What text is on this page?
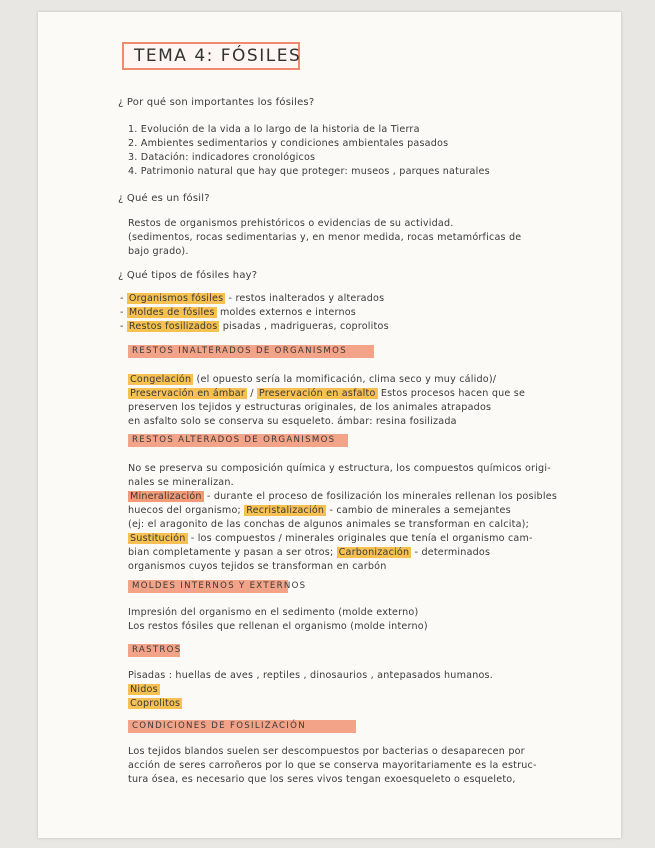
TEMA 4: FÓSILES
¿ Por qué son importantes los fósiles?
1. Evolución de la vida a lo largo de la historia de la Tierra
2. Ambientes sedimentarios y condiciones ambientales pasados
3. Datación: indicadores cronológicos
4. Patrimonio natural que hay que proteger: museos , parques naturales
¿ Qué es un fósil?
Restos de organismos prehistóricos o evidencias de su actividad.
(sedimentos, rocas sedimentarias y, en menor medida, rocas metamórficas de
bajo grado).
¿ Qué tipos de fósiles hay?
- Organismos fósiles - restos inalterados y alterados
- Moldes de fósiles moldes externos e internos
- Restos fosilizados pisadas , madrigueras, coprolitos
RESTOS INALTERADOS DE ORGANISMOS
Congelación (el opuesto sería la momificación, clima seco y muy cálido)/
Preservación en ámbar / Preservación en asfalto Estos procesos hacen que se
preserven los tejidos y estructuras originales, de los animales atrapados
en asfalto solo se conserva su esqueleto. ámbar: resina fosilizada
RESTOS ALTERADOS DE ORGANISMOS
No se preserva su composición química y estructura, los compuestos químicos origi-
nales se mineralizan.
Mineralización - durante el proceso de fosilización los minerales rellenan los posibles
huecos del organismo; Recristalización - cambio de minerales a semejantes
(ej: el aragonito de las conchas de algunos animales se transforman en calcita);
Sustitución - los compuestos / minerales originales que tenía el organismo cam-
bian completamente y pasan a ser otros; Carbonización - determinados
organismos cuyos tejidos se transforman en carbón
MOLDES INTERNOS Y EXTERNOS
Impresión del organismo en el sedimento (molde externo)
Los restos fósiles que rellenan el organismo (molde interno)
RASTROS
Pisadas : huellas de aves , reptiles , dinosaurios , antepasados humanos.
Nidos
Coprolitos
CONDICIONES DE FOSILIZACIÓN
Los tejidos blandos suelen ser descompuestos por bacterias o desaparecen por
acción de seres carroñeros por lo que se conserva mayoritariamente es la estruc-
tura ósea, es necesario que los seres vivos tengan exoesqueleto o esqueleto,
